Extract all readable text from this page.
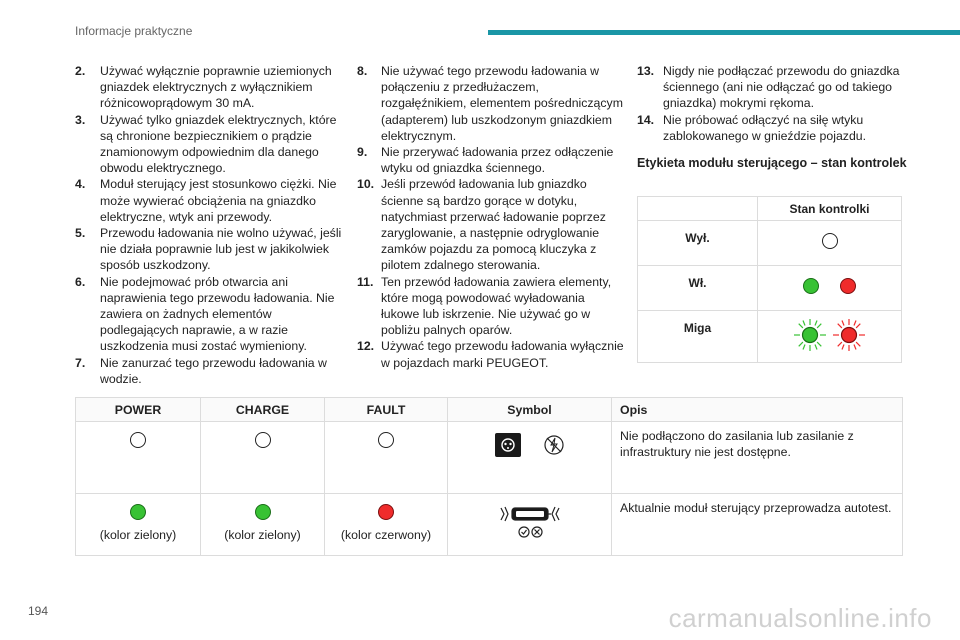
Informacje praktyczne
2.	Używać wyłącznie poprawnie uziemionych gniazdek elektrycznych z wyłącznikiem różnicowoprądowym 30 mA.
3.	Używać tylko gniazdek elektrycznych, które są chronione bezpiecznikiem o prądzie znamionowym odpowiednim dla danego obwodu elektrycznego.
4.	Moduł sterujący jest stosunkowo ciężki. Nie może wywierać obciążenia na gniazdko elektryczne, wtyk ani przewody.
5.	Przewodu ładowania nie wolno używać, jeśli nie działa poprawnie lub jest w jakikolwiek sposób uszkodzony.
6.	Nie podejmować prób otwarcia ani naprawienia tego przewodu ładowania. Nie zawiera on żadnych elementów podlegających naprawie, a w razie uszkodzenia musi zostać wymieniony.
7.	Nie zanurzać tego przewodu ładowania w wodzie.
8.	Nie używać tego przewodu ładowania w połączeniu z przedłużaczem, rozgałęźnikiem, elementem pośredniczącym (adapterem) lub uszkodzonym gniazdkiem elektrycznym.
9.	Nie przerywać ładowania przez odłączenie wtyku od gniazdka ściennego.
10. Jeśli przewód ładowania lub gniazdko ścienne są bardzo gorące w dotyku, natychmiast przerwać ładowanie poprzez zaryglowanie, a następnie odryglowanie zamków pojazdu za pomocą kluczyka z pilotem zdalnego sterowania.
11. Ten przewód ładowania zawiera elementy, które mogą powodować wyładowania łukowe lub iskrzenie. Nie używać go w pobliżu palnych oparów.
12. Używać tego przewodu ładowania wyłącznie w pojazdach marki PEUGEOT.
13. Nigdy nie podłączać przewodu do gniazdka ściennego (ani nie odłączać go od takiego gniazdka) mokrymi rękoma.
14. Nie próbować odłączyć na siłę wtyku zablokowanego w gnieździe pojazdu.
Etykieta modułu sterującego – stan kontrolek
	Stan kontrolki
Wył.	
Wł.	
Miga	
POWER	CHARGE	FAULT	Symbol	Opis

	Nie podłączono do zasilania lub zasilanie z infrastruktury nie jest dostępne.

(kolor zielony)	(kolor zielony)	(kolor czerwony)		Aktualnie moduł sterujący przeprowadza autotest.
194	carmanualsonline.info
